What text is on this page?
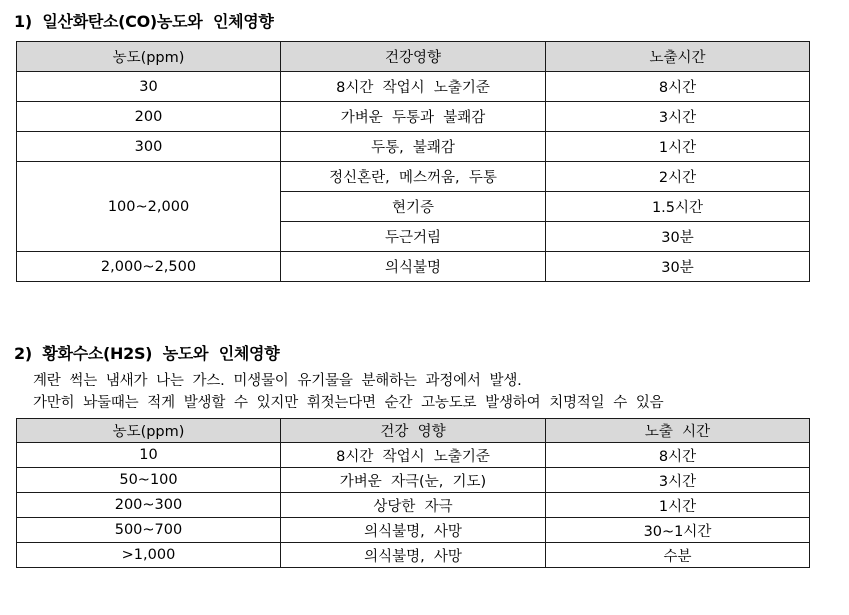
1)  일산화탄소(CO)농도와  인체영향
농도(ppm)	건강영향	노출시간
30	8시간  작업시  노출기준	8시간
200	가벼운  두통과  불쾌감	3시간
300	두통,  불쾌감	1시간
100~2,000	정신혼란,  메스꺼움,  두통	2시간
	현기증	1.5시간
	두근거림	30분
2,000~2,500	의식불명	30분
2)  황화수소(H2S)  농도와  인체영향
계란  썩는  냄새가  나는  가스.  미생물이  유기물을  분해하는  과정에서  발생.
가만히  놔둘때는  적게  발생할  수  있지만  휘젓는다면  순간  고농도로  발생하여  치명적일  수  있음
농도(ppm)	건강  영향	노출  시간
10	8시간  작업시  노출기준	8시간
50~100	가벼운  자극(눈,  기도)	3시간
200~300	상당한  자극	1시간
500~700	의식불명,  사망	30~1시간
>1,000	의식불명,  사망	수분
